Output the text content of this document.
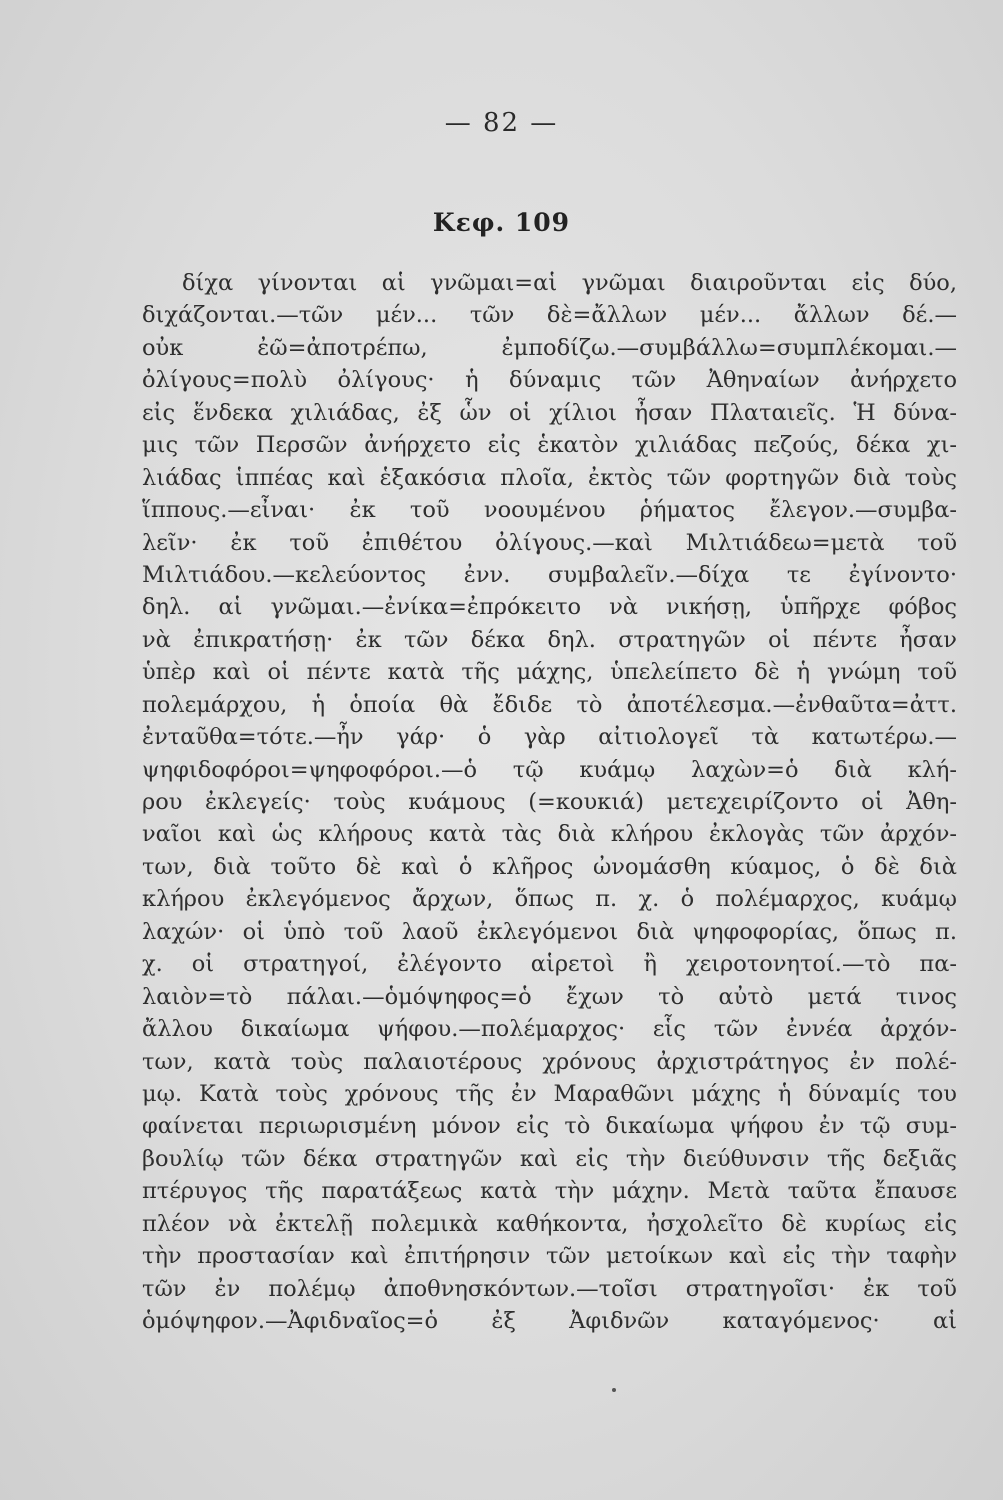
— 82 —
Κεφ. 109
δίχα γίνονται αἱ γνῶμαι=αἱ γνῶμαι διαιροῦνται εἰς δύο,
διχάζονται.—τῶν μέν... τῶν δὲ=ἄλλων μέν... ἄλλων δέ.—
οὐκ ἐῶ=ἀποτρέπω, ἐμποδίζω.—συμβάλλω=συμπλέκομαι.—
ὀλίγους=πολὺ ὀλίγους· ἡ δύναμις τῶν Ἀθηναίων ἀνήρχετο
εἰς ἕνδεκα χιλιάδας, ἐξ ὧν οἱ χίλιοι ἦσαν Πλαταιεῖς. Ἡ δύνα-
μις τῶν Περσῶν ἀνήρχετο εἰς ἑκατὸν χιλιάδας πεζούς, δέκα χι-
λιάδας ἱππέας καὶ ἑξακόσια πλοῖα, ἐκτὸς τῶν φορτηγῶν διὰ τοὺς
ἵππους.—εἶναι· ἐκ τοῦ νοουμένου ῥήματος ἔλεγον.—συμβα-
λεῖν· ἐκ τοῦ ἐπιθέτου ὀλίγους.—καὶ Μιλτιάδεω=μετὰ τοῦ
Μιλτιάδου.—κελεύοντος ἐνν. συμβαλεῖν.—δίχα τε ἐγίνοντο·
δηλ. αἱ γνῶμαι.—ἐνίκα=ἐπρόκειτο νὰ νικήσῃ, ὑπῆρχε φόβος
νὰ ἐπικρατήσῃ· ἐκ τῶν δέκα δηλ. στρατηγῶν οἱ πέντε ἦσαν
ὑπὲρ καὶ οἱ πέντε κατὰ τῆς μάχης, ὑπελείπετο δὲ ἡ γνώμη τοῦ
πολεμάρχου, ἡ ὁποία θὰ ἔδιδε τὸ ἀποτέλεσμα.—ἐνθαῦτα=ἀττ.
ἐνταῦθα=τότε.—ἦν γάρ· ὁ γὰρ αἰτιολογεῖ τὰ κατωτέρω.—
ψηφιδοφόροι=ψηφοφόροι.—ὁ τῷ κυάμῳ λαχὼν=ὁ διὰ κλή-
ρου ἐκλεγείς· τοὺς κυάμους (=κουκιά) μετεχειρίζοντο οἱ Ἀθη-
ναῖοι καὶ ὡς κλήρους κατὰ τὰς διὰ κλήρου ἐκλογὰς τῶν ἀρχόν-
των, διὰ τοῦτο δὲ καὶ ὁ κλῆρος ὠνομάσθη κύαμος, ὁ δὲ διὰ
κλήρου ἐκλεγόμενος ἄρχων, ὅπως π. χ. ὁ πολέμαρχος, κυάμῳ
λαχών· οἱ ὑπὸ τοῦ λαοῦ ἐκλεγόμενοι διὰ ψηφοφορίας, ὅπως π.
χ. οἱ στρατηγοί, ἐλέγοντο αἱρετοὶ ἢ χειροτονητοί.—τὸ πα-
λαιὸν=τὸ πάλαι.—ὁμόψηφος=ὁ ἔχων τὸ αὐτὸ μετά τινος
ἄλλου δικαίωμα ψήφου.—πολέμαρχος· εἷς τῶν ἐννέα ἀρχόν-
των, κατὰ τοὺς παλαιοτέρους χρόνους ἀρχιστράτηγος ἐν πολέ-
μῳ. Κατὰ τοὺς χρόνους τῆς ἐν Μαραθῶνι μάχης ἡ δύναμίς του
φαίνεται περιωρισμένη μόνον εἰς τὸ δικαίωμα ψήφου ἐν τῷ συμ-
βουλίῳ τῶν δέκα στρατηγῶν καὶ εἰς τὴν διεύθυνσιν τῆς δεξιᾶς
πτέρυγος τῆς παρατάξεως κατὰ τὴν μάχην. Μετὰ ταῦτα ἔπαυσε
πλέον νὰ ἐκτελῇ πολεμικὰ καθήκοντα, ἠσχολεῖτο δὲ κυρίως εἰς
τὴν προστασίαν καὶ ἐπιτήρησιν τῶν μετοίκων καὶ εἰς τὴν ταφὴν
τῶν ἐν πολέμῳ ἀποθνησκόντων.—τοῖσι στρατηγοῖσι· ἐκ τοῦ
ὁμόψηφον.—Ἀφιδναῖος=ὁ ἐξ Ἀφιδνῶν καταγόμενος· αἱ
